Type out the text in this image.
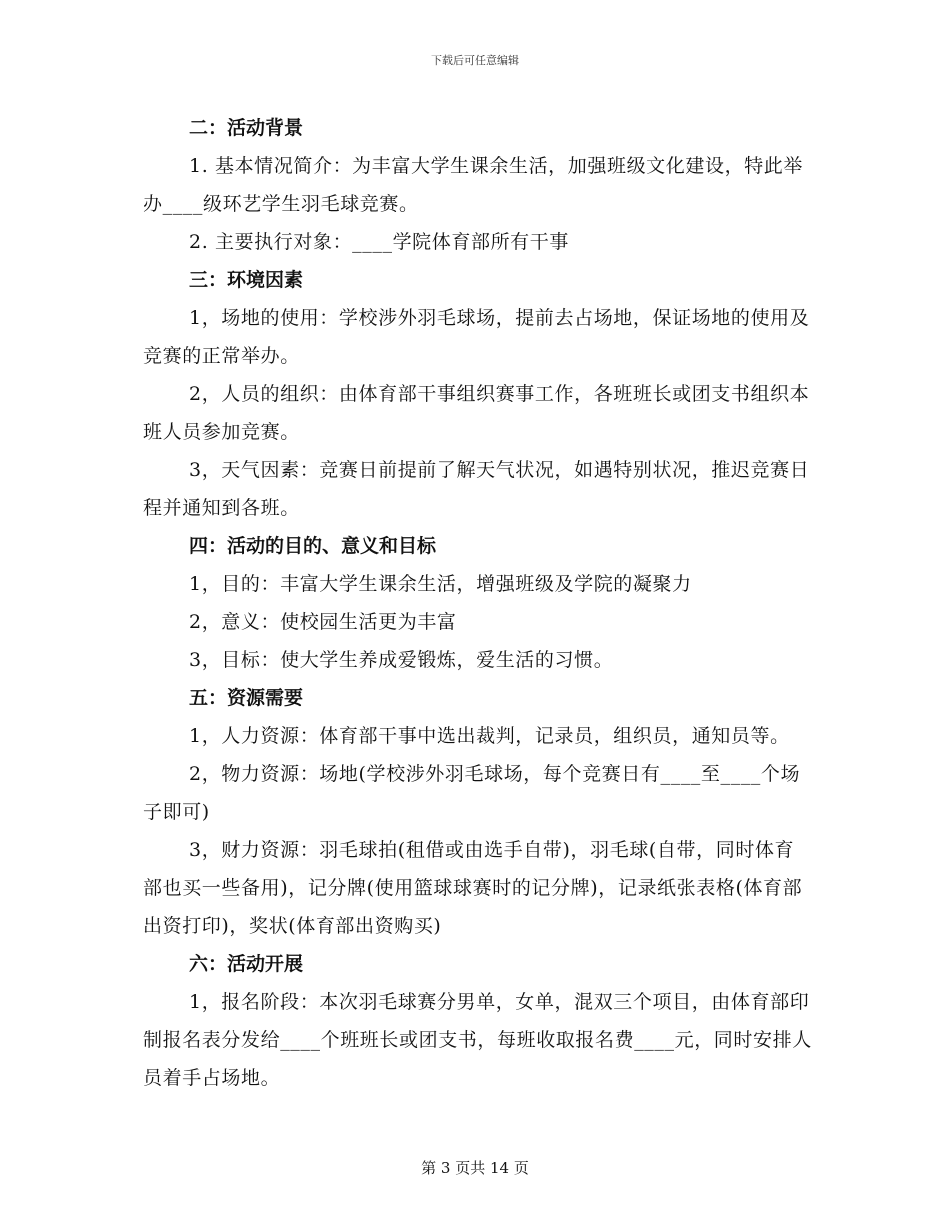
下载后可任意编辑
二：活动背景

1. 基本情况简介：为丰富大学生课余生活，加强班级文化建设，特此举办____级环艺学生羽毛球竞赛。

2. 主要执行对象：____学院体育部所有干事

三：环境因素

1，场地的使用：学校涉外羽毛球场，提前去占场地，保证场地的使用及竞赛的正常举办。

2，人员的组织：由体育部干事组织赛事工作，各班班长或团支书组织本班人员参加竞赛。

3，天气因素：竞赛日前提前了解天气状况，如遇特别状况，推迟竞赛日程并通知到各班。

四：活动的目的、意义和目标

1，目的：丰富大学生课余生活，增强班级及学院的凝聚力

2，意义：使校园生活更为丰富

3，目标：使大学生养成爱锻炼，爱生活的习惯。

五：资源需要

1，人力资源：体育部干事中选出裁判，记录员，组织员，通知员等。

2，物力资源：场地(学校涉外羽毛球场，每个竞赛日有____至____个场子即可)

3，财力资源：羽毛球拍(租借或由选手自带)，羽毛球(自带，同时体育部也买一些备用)，记分牌(使用篮球球赛时的记分牌)，记录纸张表格(体育部出资打印)，奖状(体育部出资购买)

六：活动开展

1，报名阶段：本次羽毛球赛分男单，女单，混双三个项目，由体育部印制报名表分发给____个班班长或团支书，每班收取报名费____元，同时安排人员着手占场地。

第 3 页共 14 页
